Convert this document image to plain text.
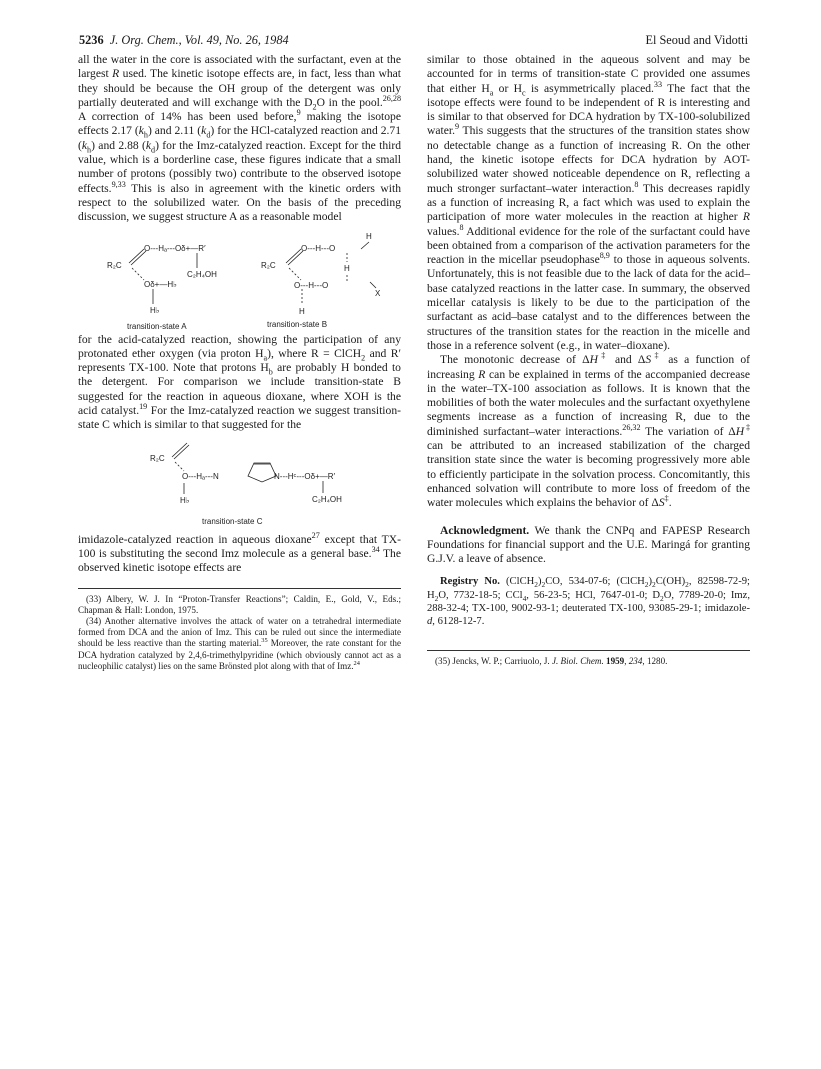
5236 J. Org. Chem., Vol. 49, No. 26, 1984	El Seoud and Vidotti

all the water in the core is associated with the surfactant, even at the largest R used. The kinetic isotope effects are, in fact, less than what they should be because the OH group of the detergent was only partially deuterated and will exchange with the $D_2O$ in the pool.$^{26,28}$ A correction of 14% has been used before,$^9$ making the isotope effects 2.17 $(k_h)$ and 2.11 $(k_d)$ for the HCl-catalyzed reaction and 2.71 $(k_h)$ and 2.88 $(k_d)$ for the Imz-catalyzed reaction. Except for the third value, which is a borderline case, these figures indicate that a small number of protons (possibly two) contribute to the observed isotope effects.$^{9,33}$ This is also in agreement with the kinetic orders with respect to the solubilized water. On the basis of the preceding discussion, we suggest structure A as a reasonable model

R₂C
O---Hₐ---Oδ+—R′
Oδ+—H♭
C₂H₄OH
H♭
transition-state A
R₂C
O---H---O
H
H
O---H---O
X
H
transition-state B

for the acid-catalyzed reaction, showing the participation of any protonated ether oxygen (via proton $H_a$), where R = ClCH$_2$ and R′ represents TX-100. Note that protons $H_b$ are probably H bonded to the detergent. For comparison we include transition-state B suggested for the reaction in aqueous dioxane, where XOH is the acid catalyst.$^{19}$ For the Imz-catalyzed reaction we suggest transition-state C which is similar to that suggested for the

R₂C
O---Hₐ---N	N---Hᶜ---Oδ+—R′
H♭	C₂H₄OH
transition-state C

imidazole-catalyzed reaction in aqueous dioxane$^{27}$ except that TX-100 is substituting the second Imz molecule as a general base.$^{34}$ The observed kinetic isotope effects are

(33) Albery, W. J. In “Proton-Transfer Reactions”; Caldin, E., Gold, V., Eds.; Chapman & Hall: London, 1975.

(34) Another alternative involves the attack of water on a tetrahedral intermediate formed from DCA and the anion of Imz. This can be ruled out since the intermediate should be less reactive than the starting material.$^{35}$ Moreover, the rate constant for the DCA hydration catalyzed by 2,4,6-trimethylpyridine (which obviously cannot act as a nucleophilic catalyst) lies on the same Brönsted plot along with that of Imz.$^{24}$

similar to those obtained in the aqueous solvent and may be accounted for in terms of transition-state C provided one assumes that either $H_a$ or $H_c$ is asymmetrically placed.$^{33}$ The fact that the isotope effects were found to be independent of R is interesting and is similar to that observed for DCA hydration by TX-100-solubilized water.$^9$ This suggests that the structures of the transition states show no detectable change as a function of increasing R. On the other hand, the kinetic isotope effects for DCA hydration by AOT-solubilized water showed noticeable dependence on R, reflecting a much stronger surfactant–water interaction.$^8$ This decreases rapidly as a function of increasing R, a fact which was used to explain the participation of more water molecules in the reaction at higher R values.$^8$ Additional evidence for the role of the surfactant could have been obtained from a comparison of the activation parameters for the reaction in the micellar pseudophase$^{8,9}$ to those in aqueous solvents. Unfortunately, this is not feasible due to the lack of data for the acid–base catalyzed reactions in the latter case. In summary, the observed micellar catalysis is likely to be due to the participation of the surfactant as acid–base catalyst and to the differences between the structures of the transition states for the reaction in the micelle and those in a reference solvent (e.g., in water–dioxane).

The monotonic decrease of ΔH‡ and ΔS‡ as a function of increasing R can be explained in terms of the accompanied decrease in the water–TX-100 association as follows. It is known that the mobilities of both the water molecules and the surfactant oxyethylene segments increase as a function of increasing R, due to the diminished surfactant–water interactions.$^{26,32}$ The variation of ΔH‡ can be attributed to an increased stabilization of the charged transition state since the water is becoming progressively more able to efficiently participate in the solvation process. Concomitantly, this enhanced solvation will contribute to more loss of freedom of the water molecules which explains the behavior of ΔS‡.

Acknowledgment. We thank the CNPq and FAPESP Research Foundations for financial support and the U.E. Maringá for granting G.J.V. a leave of absence.

Registry No. $(ClCH_2)_2CO$, 534-07-6; $(ClCH_2)_2C(OH)_2$, 82598-72-9; $H_2O$, 7732-18-5; CCl$_4$, 56-23-5; HCl, 7647-01-0; $D_2O$, 7789-20-0; Imz, 288-32-4; TX-100, 9002-93-1; deuterated TX-100, 93085-29-1; imidazole-d, 6128-12-7.

(35) Jencks, W. P.; Carriuolo, J. J. Biol. Chem. 1959, 234, 1280.
